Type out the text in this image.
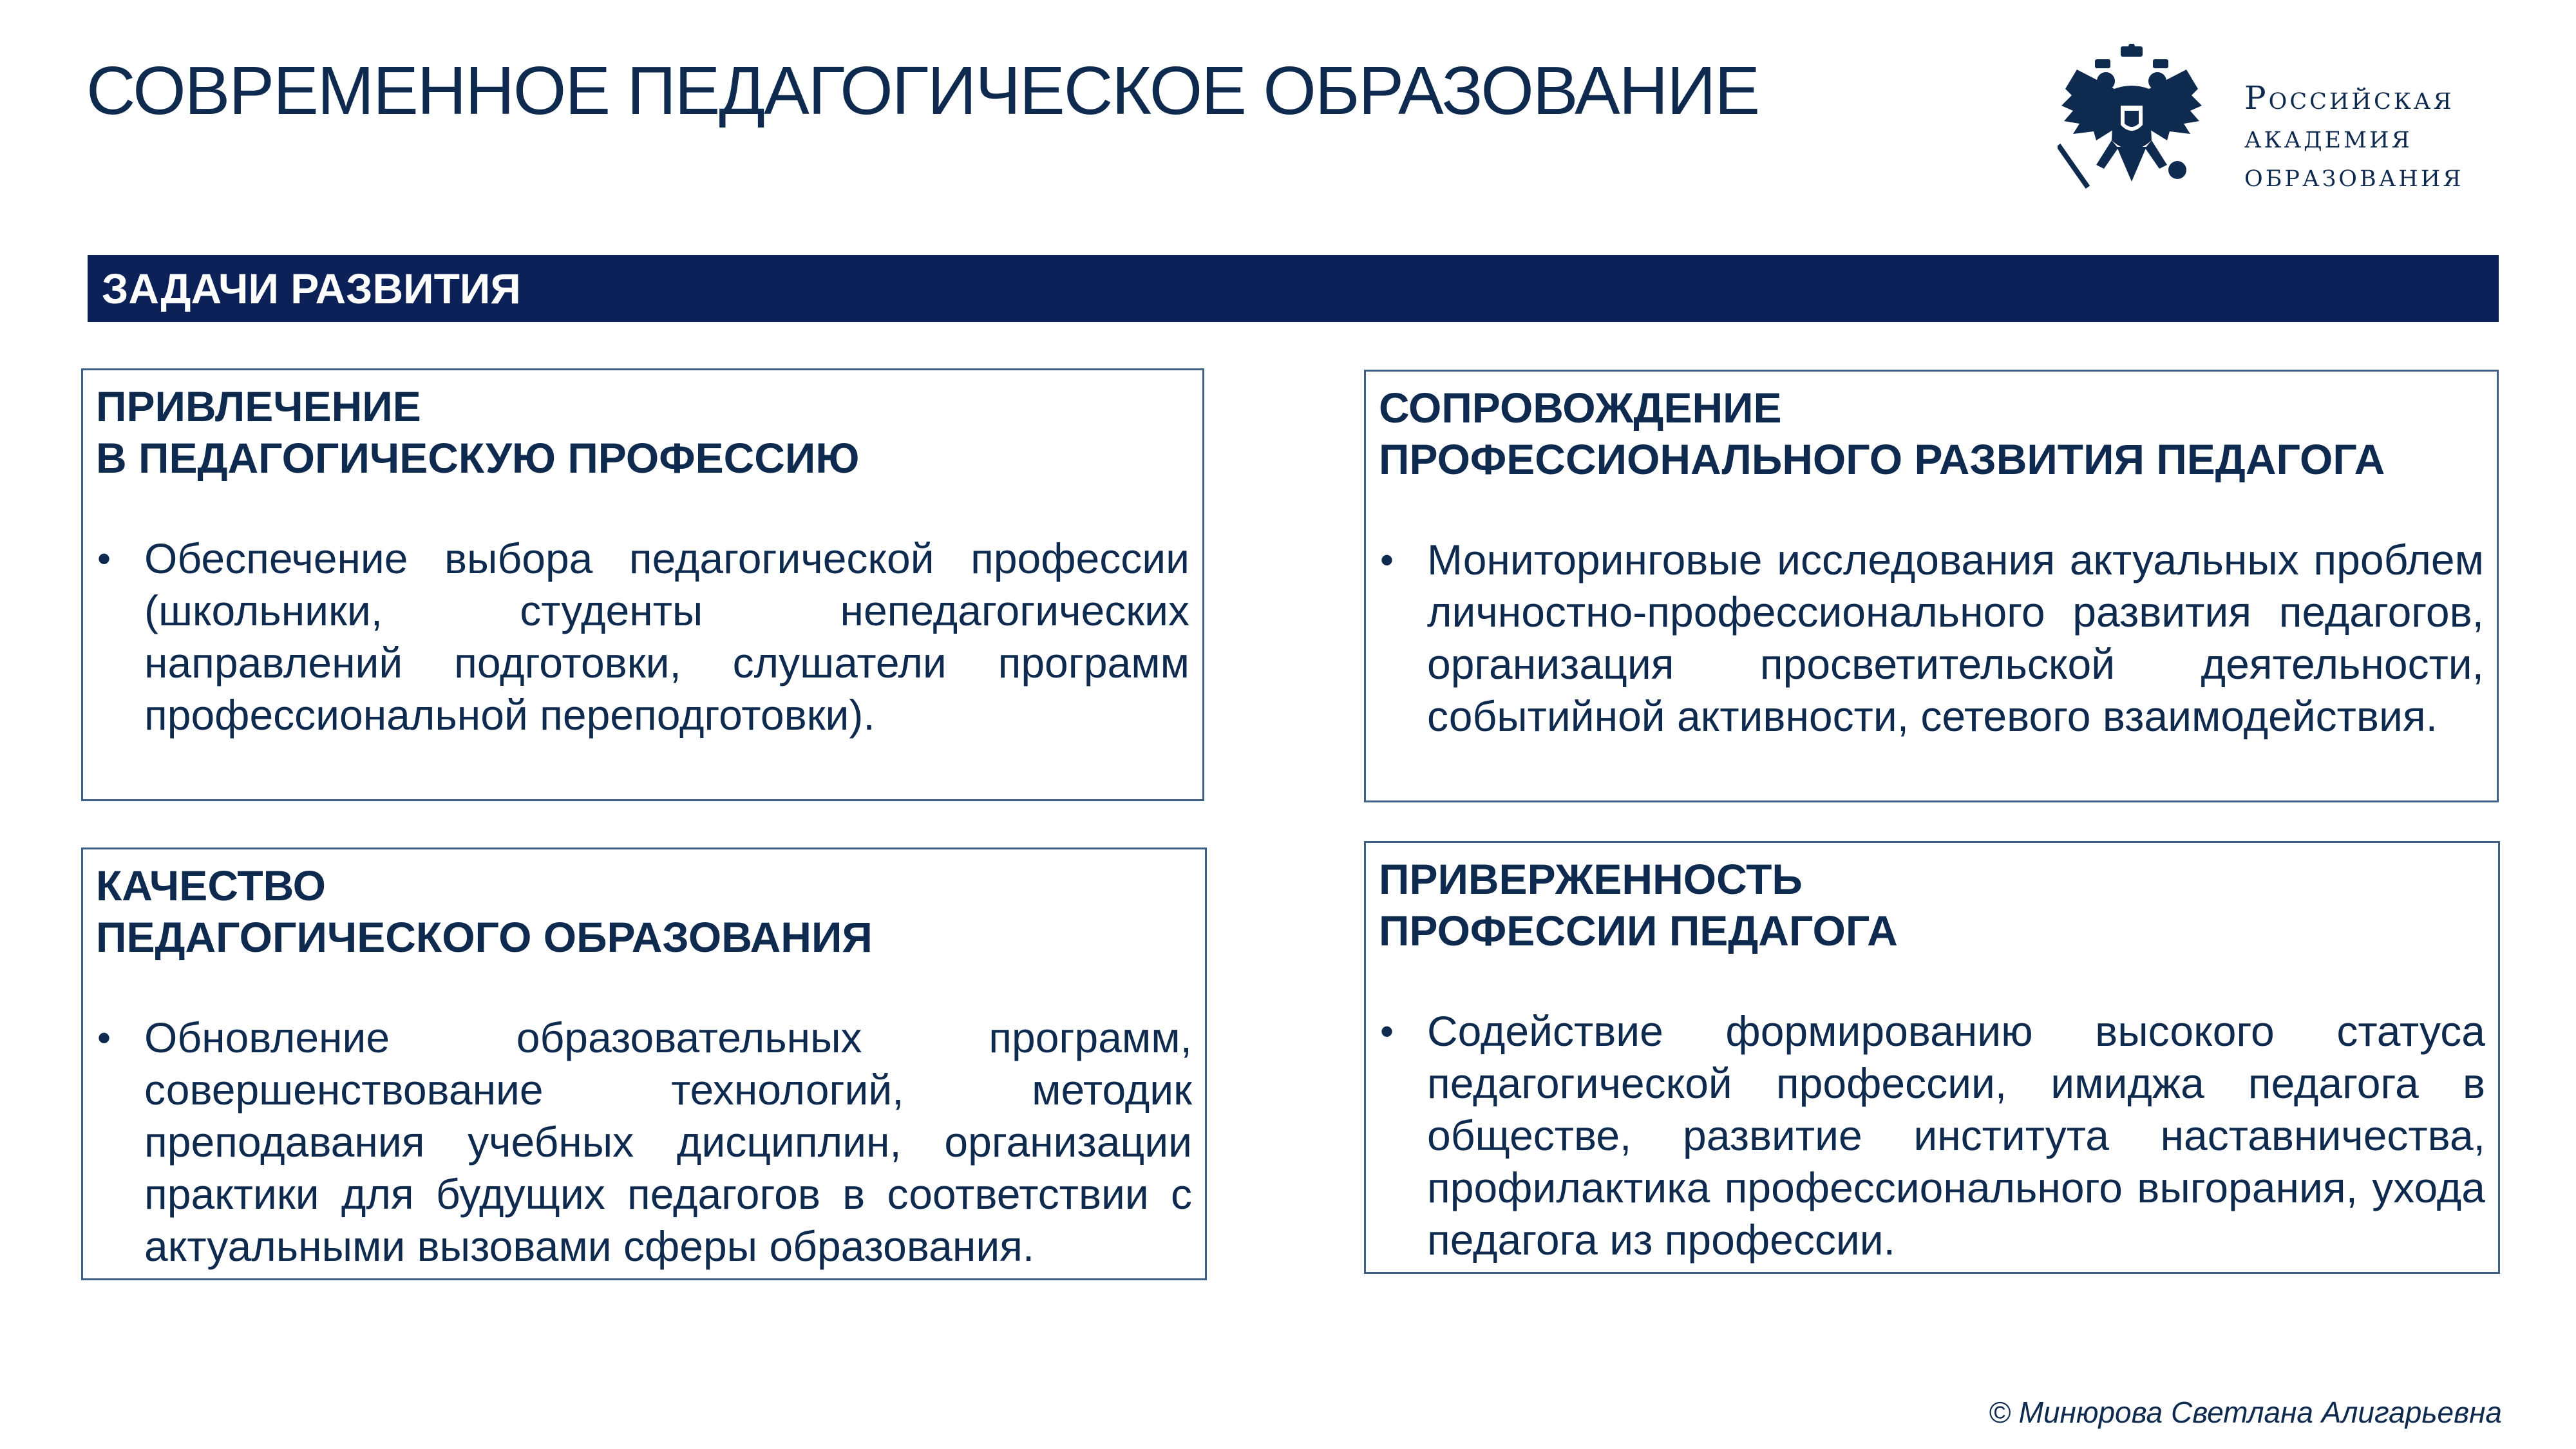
СОВРЕМЕННОЕ ПЕДАГОГИЧЕСКОЕ ОБРАЗОВАНИЕ	Российская
академия
образования
ЗАДАЧИ РАЗВИТИЯ
ПРИВЛЕЧЕНИЕ
В ПЕДАГОГИЧЕСКУЮ ПРОФЕССИЮ
• Обеспечение выбора педагогической профессии (школьники, студенты непедагогических направлений подготовки, слушатели программ профессиональной переподготовки).
СОПРОВОЖДЕНИЕ
ПРОФЕССИОНАЛЬНОГО РАЗВИТИЯ ПЕДАГОГА
• Мониторинговые исследования актуальных проблем личностно-профессионального развития педагогов, организация просветительской деятельности, событийной активности, сетевого взаимодействия.
КАЧЕСТВО
ПЕДАГОГИЧЕСКОГО ОБРАЗОВАНИЯ
• Обновление образовательных программ, совершенствование технологий, методик преподавания учебных дисциплин, организации практики для будущих педагогов в соответствии с актуальными вызовами сферы образования.
ПРИВЕРЖЕННОСТЬ
ПРОФЕССИИ ПЕДАГОГА
• Содействие формированию высокого статуса педагогической профессии, имиджа педагога в обществе, развитие института наставничества, профилактика профессионального выгорания, ухода педагога из профессии.
© Минюрова Светлана Алигарьевна
